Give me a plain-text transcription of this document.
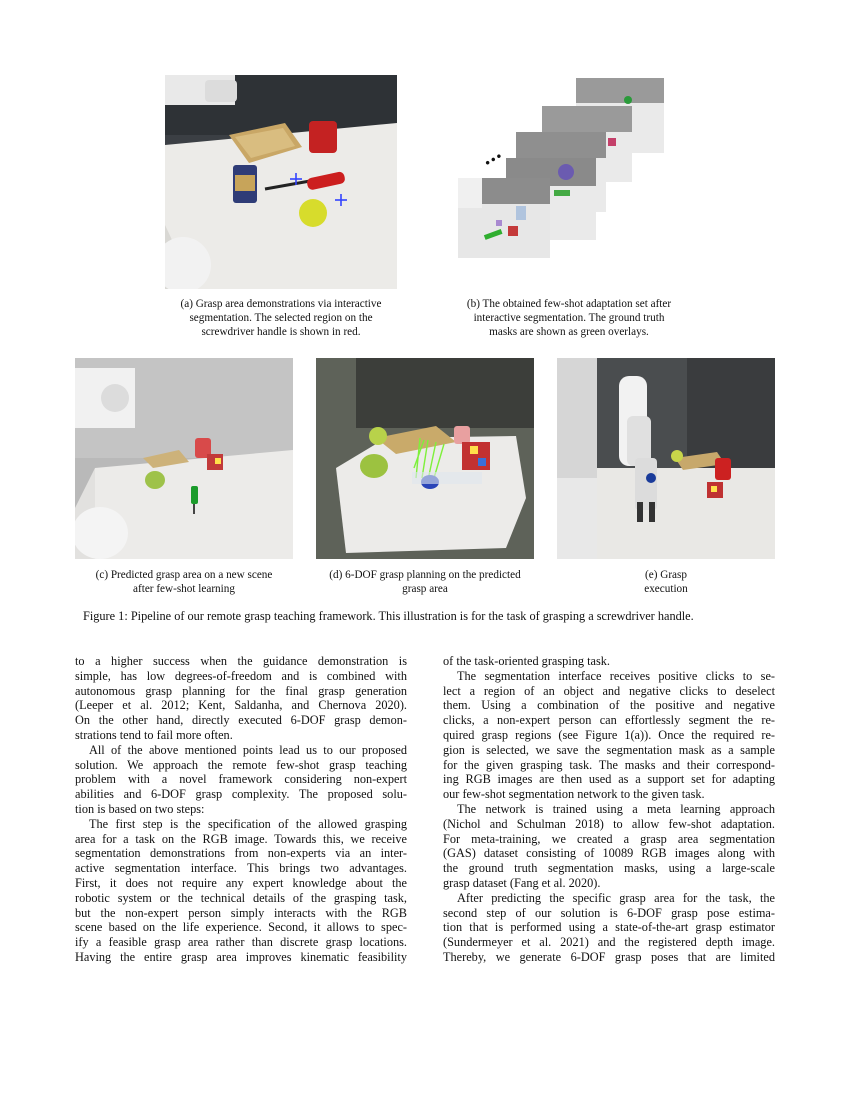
(a) Grasp area demonstrations via interactive
segmentation. The selected region on the
screwdriver handle is shown in red.
...
(b) The obtained few-shot adaptation set after
interactive segmentation. The ground truth
masks are shown as green overlays.
(c) Predicted grasp area on a new scene
after few-shot learning
(d) 6-DOF grasp planning on the predicted
grasp area
(e) Grasp
execution
Figure 1: Pipeline of our remote grasp teaching framework. This illustration is for the task of grasping a screwdriver handle.
to a higher success when the guidance demonstration is
simple, has low degrees-of-freedom and is combined with
autonomous grasp planning for the final grasp generation
(Leeper et al. 2012; Kent, Saldanha, and Chernova 2020).
On the other hand, directly executed 6-DOF grasp demon-
strations tend to fail more often.
All of the above mentioned points lead us to our proposed
solution. We approach the remote few-shot grasp teaching
problem with a novel framework considering non-expert
abilities and 6-DOF grasp complexity. The proposed solu-
tion is based on two steps:
The first step is the specification of the allowed grasping
area for a task on the RGB image. Towards this, we receive
segmentation demonstrations from non-experts via an inter-
active segmentation interface. This brings two advantages.
First, it does not require any expert knowledge about the
robotic system or the technical details of the grasping task,
but the non-expert person simply interacts with the RGB
scene based on the life experience. Second, it allows to spec-
ify a feasible grasp area rather than discrete grasp locations.
Having the entire grasp area improves kinematic feasibility
of the task-oriented grasping task.
The segmentation interface receives positive clicks to se-
lect a region of an object and negative clicks to deselect
them. Using a combination of the positive and negative
clicks, a non-expert person can effortlessly segment the re-
quired grasp regions (see Figure 1(a)). Once the required re-
gion is selected, we save the segmentation mask as a sample
for the given grasping task. The masks and their correspond-
ing RGB images are then used as a support set for adapting
our few-shot segmentation network to the given task.
The network is trained using a meta learning approach
(Nichol and Schulman 2018) to allow few-shot adaptation.
For meta-training, we created a grasp area segmentation
(GAS) dataset consisting of 10089 RGB images along with
the ground truth segmentation masks, using a large-scale
grasp dataset (Fang et al. 2020).
After predicting the specific grasp area for the task, the
second step of our solution is 6-DOF grasp pose estima-
tion that is performed using a state-of-the-art grasp estimator
(Sundermeyer et al. 2021) and the registered depth image.
Thereby, we generate 6-DOF grasp poses that are limited
